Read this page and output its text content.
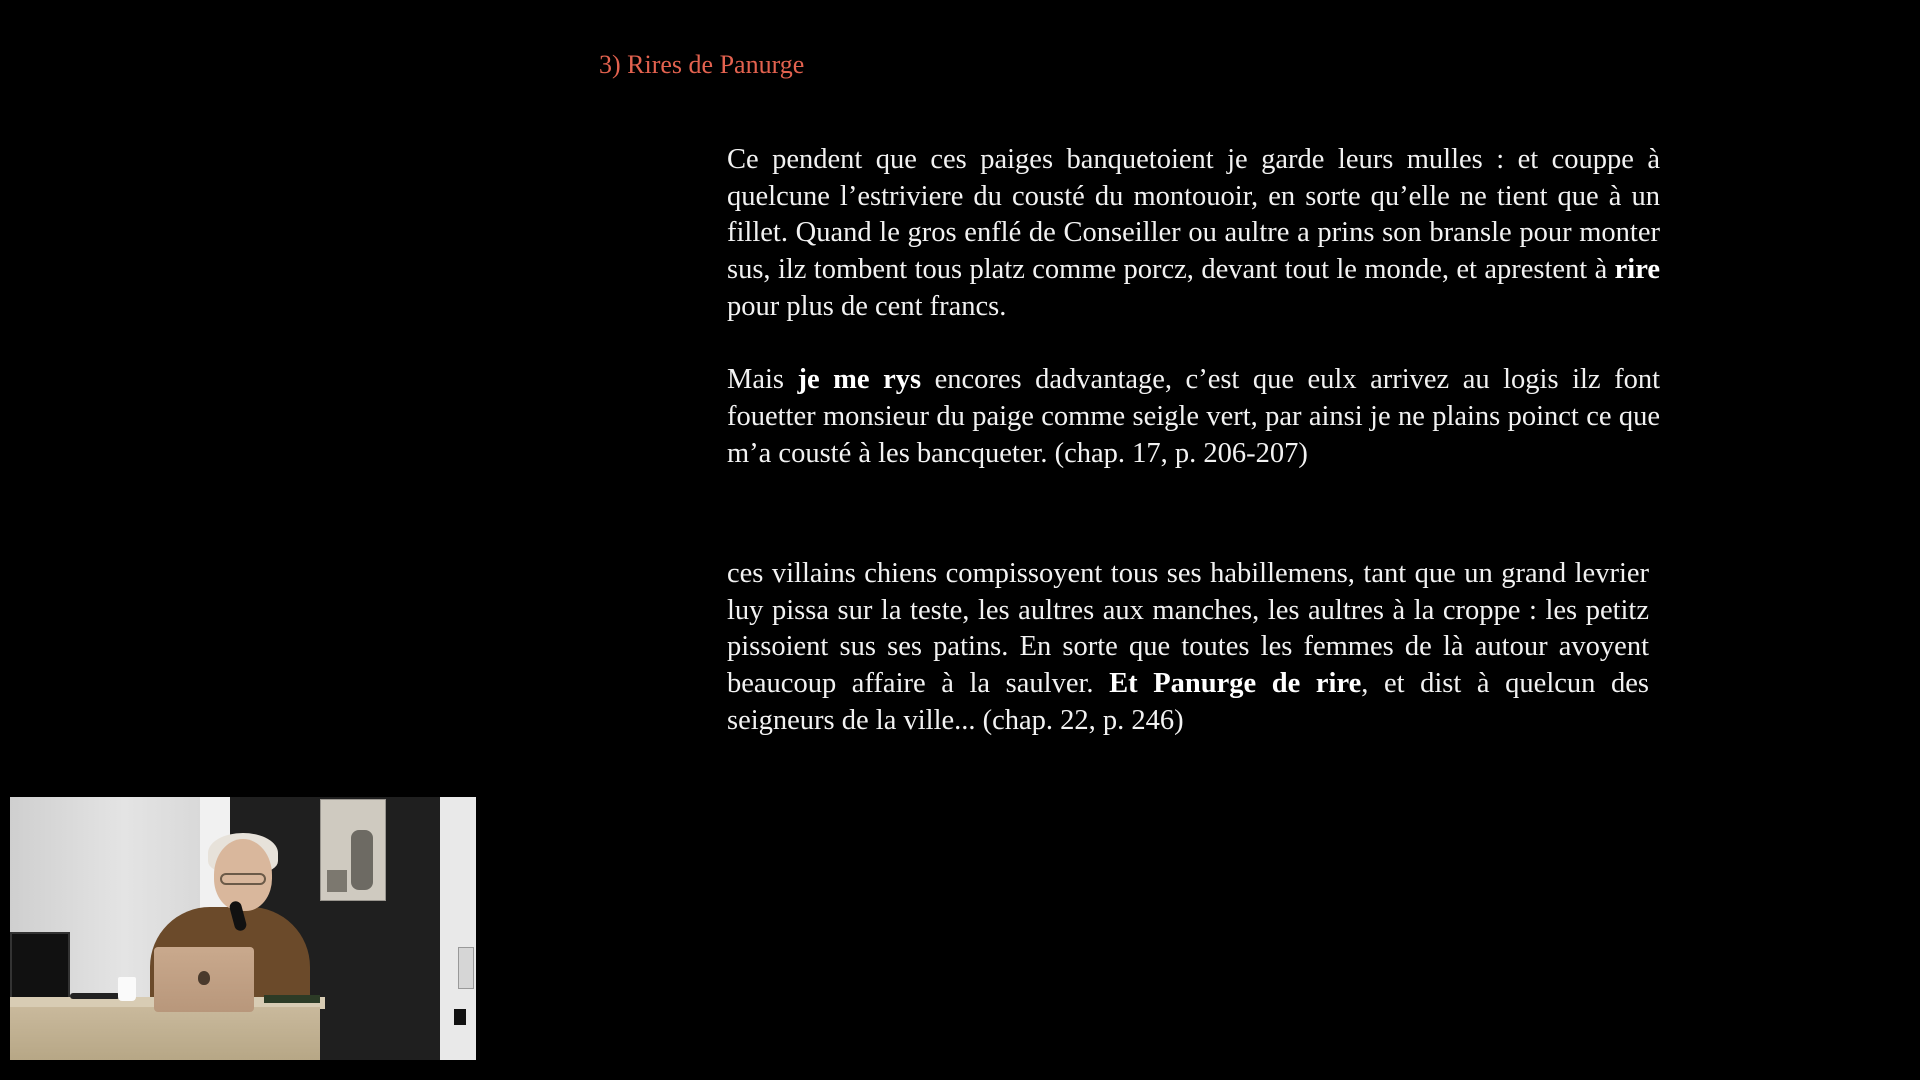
3) Rires de Panurge

Ce pendent que ces paiges banquetoient je garde leurs mulles : et couppe à quelcune l’estriviere du cousté du montouoir, en sorte qu’elle ne tient que à un fillet. Quand le gros enflé de Conseiller ou aultre a prins son bransle pour monter sus, ilz tombent tous platz comme porcz, devant tout le monde, et aprestent à rire pour plus de cent francs.

Mais je me rys encores dadvantage, c’est que eulx arrivez au logis ilz font fouetter monsieur du paige comme seigle vert, par ainsi je ne plains poinct ce que m’a cousté à les bancqueter. (chap. 17, p. 206-207)

ces villains chiens compissoyent tous ses habillemens, tant que un grand levrier luy pissa sur la teste, les aultres aux manches, les aultres à la croppe : les petitz pissoient sus ses patins. En sorte que toutes les femmes de là autour avoyent beaucoup affaire à la saulver. Et Panurge de rire, et dist à quelcun des seigneurs de la ville... (chap. 22, p. 246)
